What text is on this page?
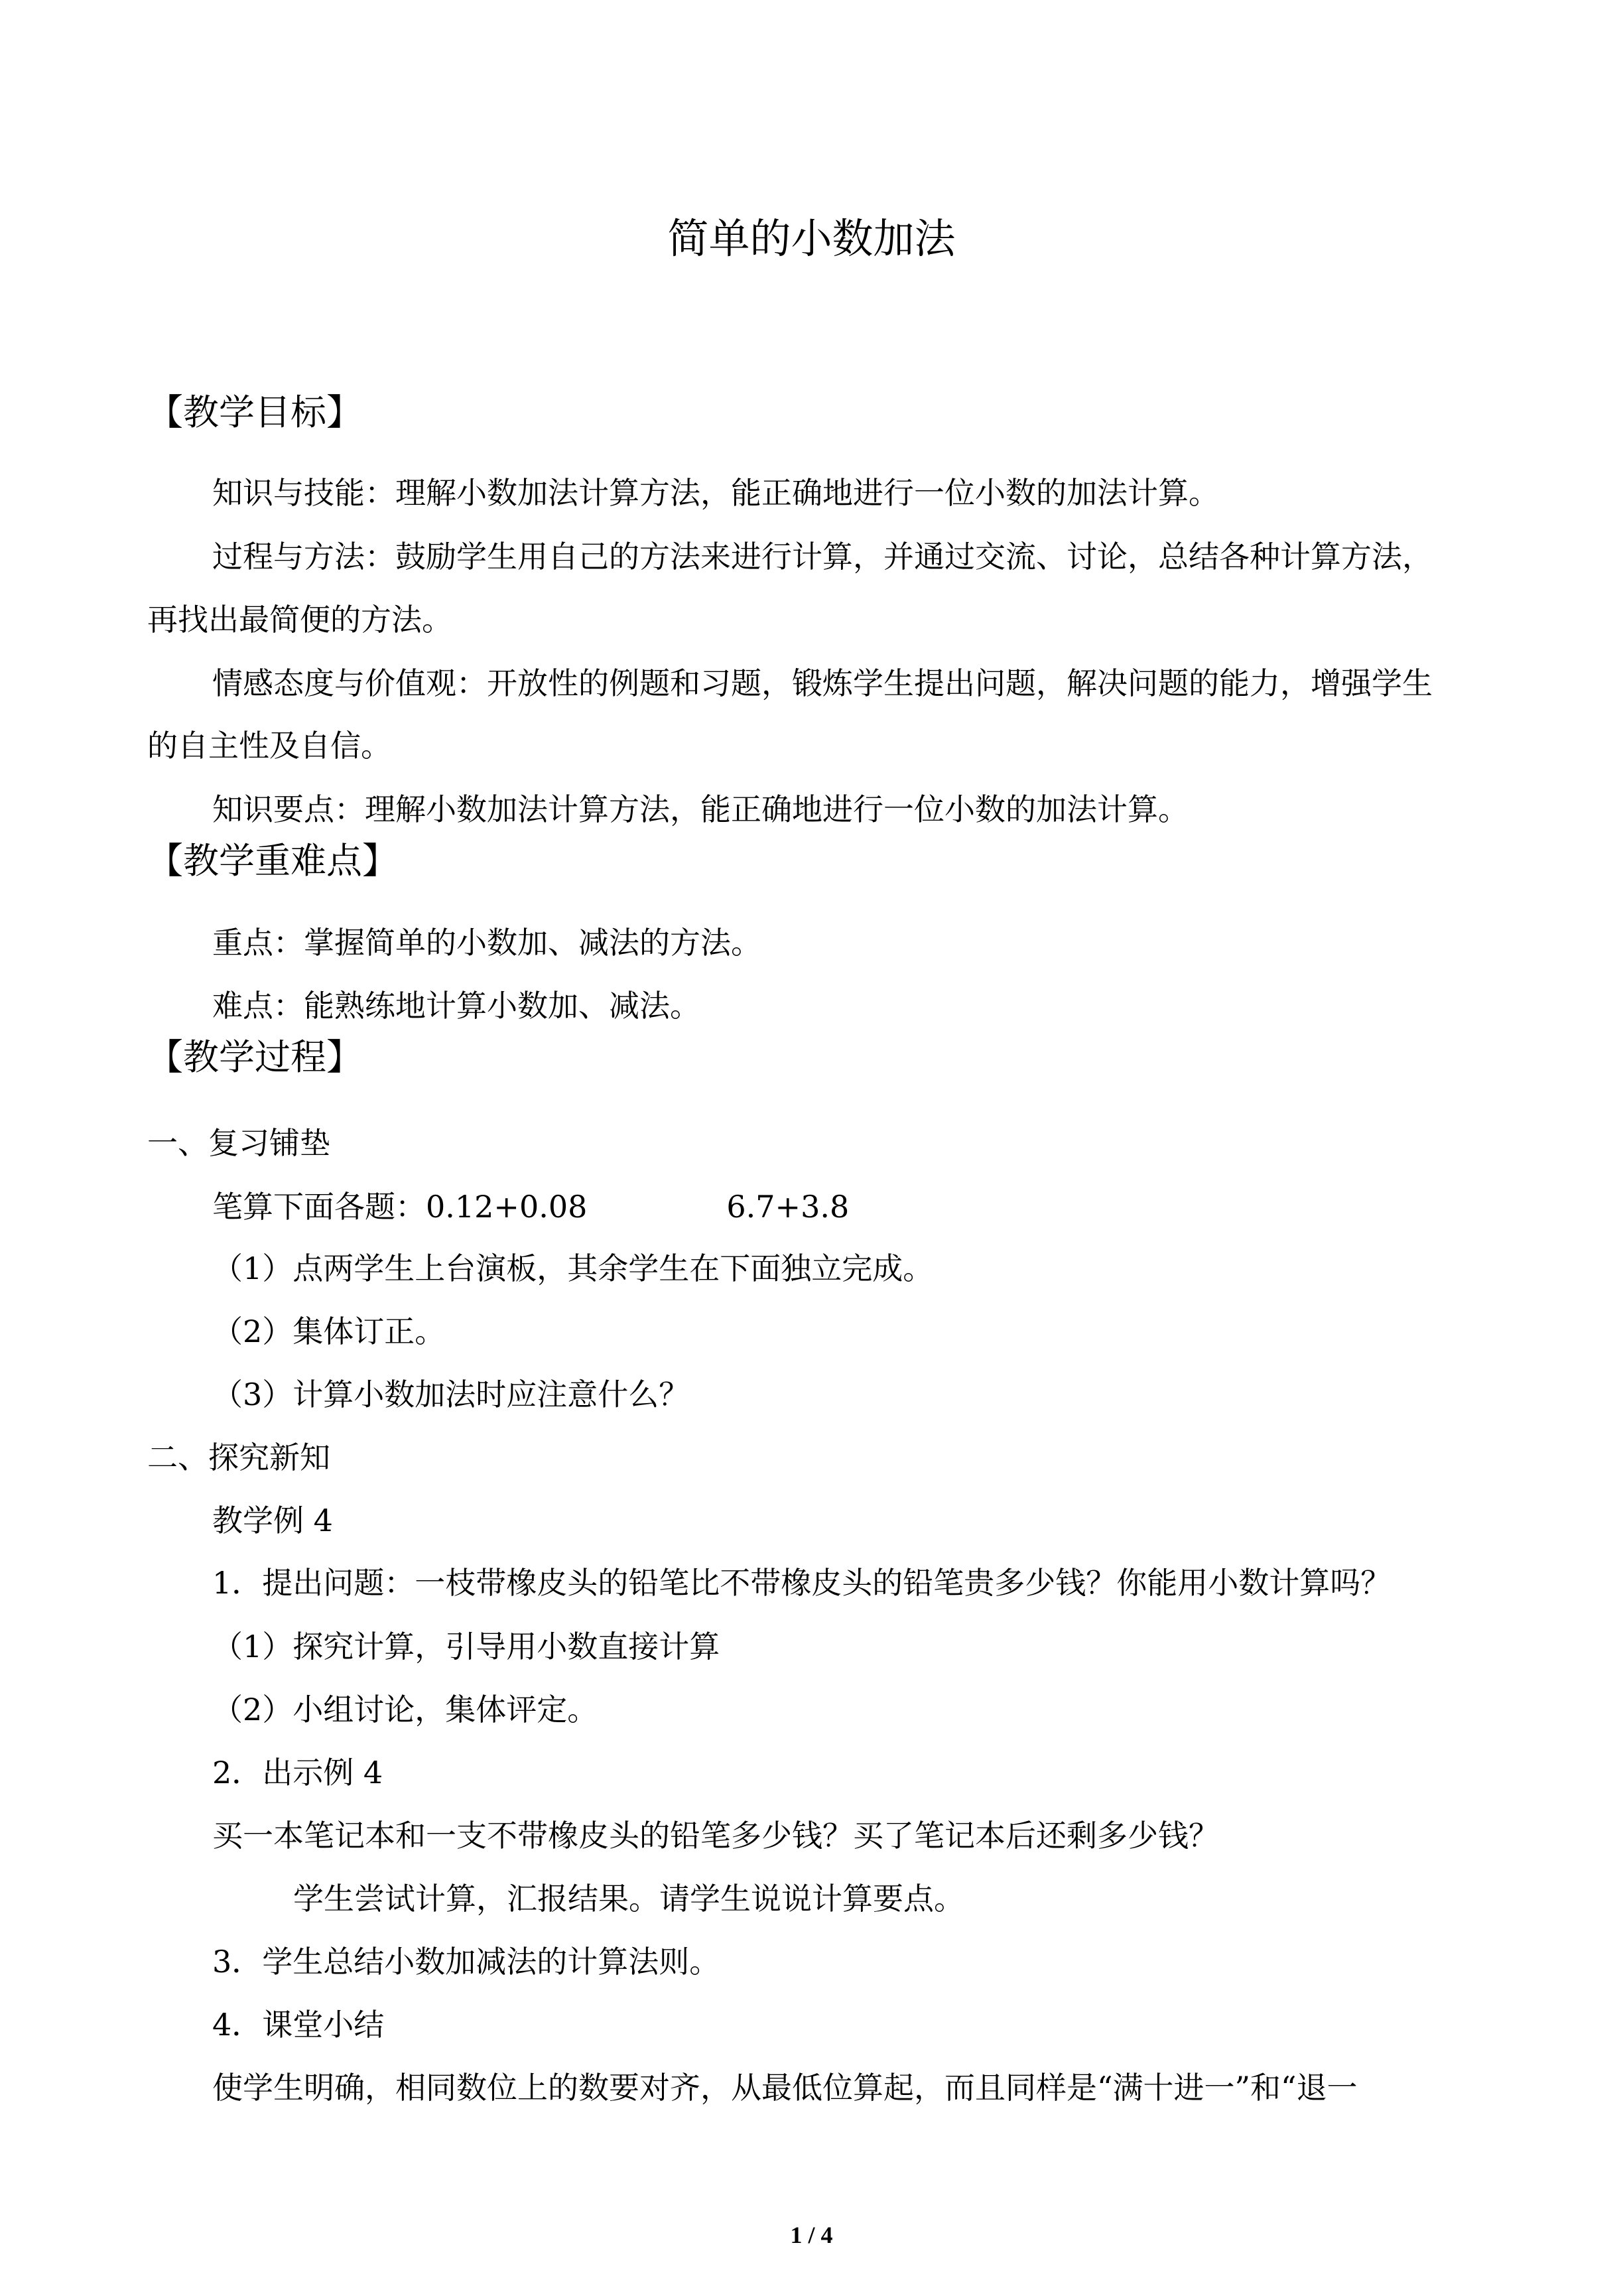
简单的小数加法
【教学目标】
知识与技能：理解小数加法计算方法，能正确地进行一位小数的加法计算。
过程与方法：鼓励学生用自己的方法来进行计算，并通过交流、讨论，总结各种计算方法，
再找出最简便的方法。
情感态度与价值观：开放性的例题和习题，锻炼学生提出问题，解决问题的能力，增强学生
的自主性及自信。
知识要点：理解小数加法计算方法，能正确地进行一位小数的加法计算。
【教学重难点】
重点：掌握简单的小数加、减法的方法。
难点：能熟练地计算小数加、减法。
【教学过程】
一、复习铺垫
笔算下面各题：0.12+0.08	6.7+3.8
（1）点两学生上台演板，其余学生在下面独立完成。
（2）集体订正。
（3）计算小数加法时应注意什么？
二、探究新知
教学例 4
1．提出问题：一枝带橡皮头的铅笔比不带橡皮头的铅笔贵多少钱？你能用小数计算吗？
（1）探究计算，引导用小数直接计算
（2）小组讨论，集体评定。
2．出示例 4
买一本笔记本和一支不带橡皮头的铅笔多少钱？买了笔记本后还剩多少钱？
学生尝试计算，汇报结果。请学生说说计算要点。
3．学生总结小数加减法的计算法则。
4．课堂小结
使学生明确，相同数位上的数要对齐，从最低位算起，而且同样是“满十进一”和“退一
1 / 4
